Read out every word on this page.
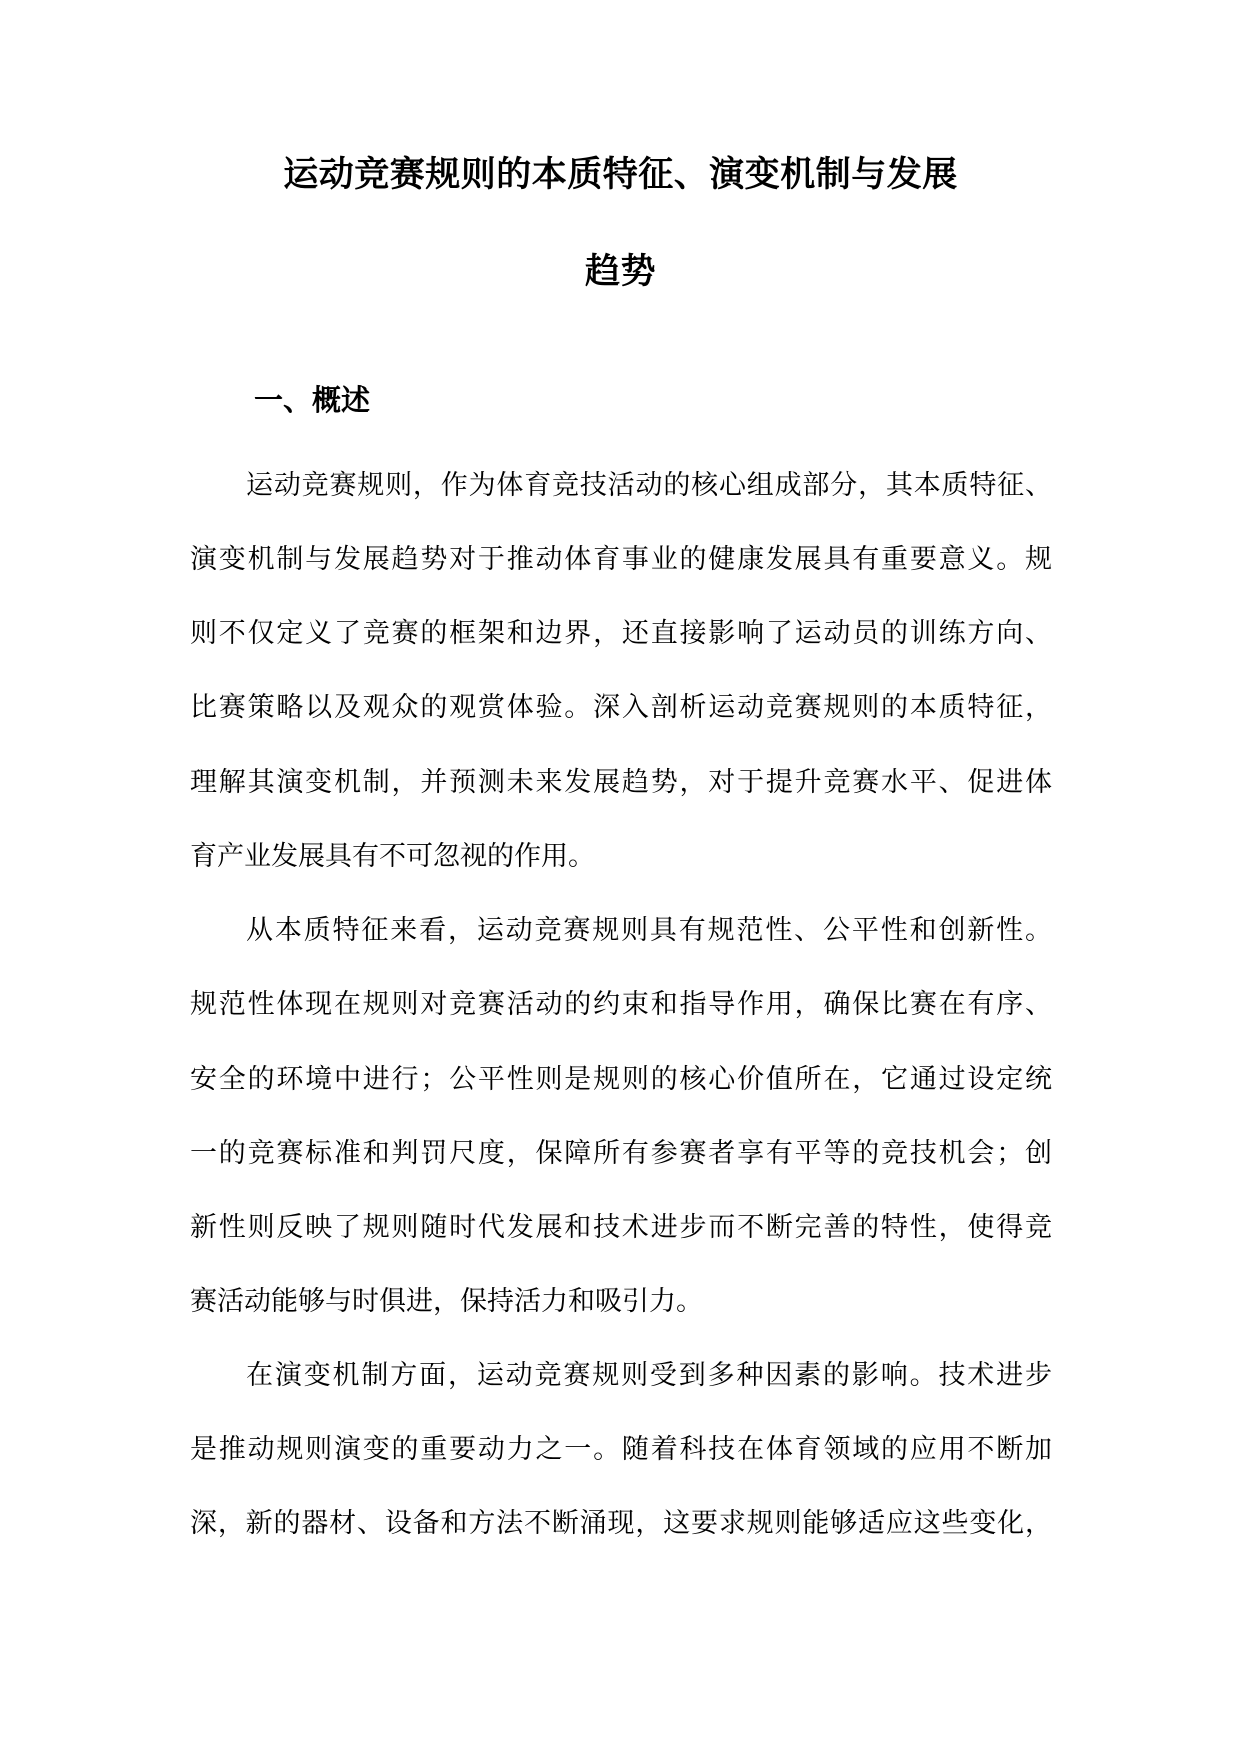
运动竞赛规则的本质特征、演变机制与发展
趋势
一、概述
运动竞赛规则，作为体育竞技活动的核心组成部分，其本质特征、
演变机制与发展趋势对于推动体育事业的健康发展具有重要意义。规
则不仅定义了竞赛的框架和边界，还直接影响了运动员的训练方向、
比赛策略以及观众的观赏体验。深入剖析运动竞赛规则的本质特征，
理解其演变机制，并预测未来发展趋势，对于提升竞赛水平、促进体
育产业发展具有不可忽视的作用。
从本质特征来看，运动竞赛规则具有规范性、公平性和创新性。
规范性体现在规则对竞赛活动的约束和指导作用，确保比赛在有序、
安全的环境中进行；公平性则是规则的核心价值所在，它通过设定统
一的竞赛标准和判罚尺度，保障所有参赛者享有平等的竞技机会；创
新性则反映了规则随时代发展和技术进步而不断完善的特性，使得竞
赛活动能够与时俱进，保持活力和吸引力。
在演变机制方面，运动竞赛规则受到多种因素的影响。技术进步
是推动规则演变的重要动力之一。随着科技在体育领域的应用不断加
深，新的器材、设备和方法不断涌现，这要求规则能够适应这些变化，
